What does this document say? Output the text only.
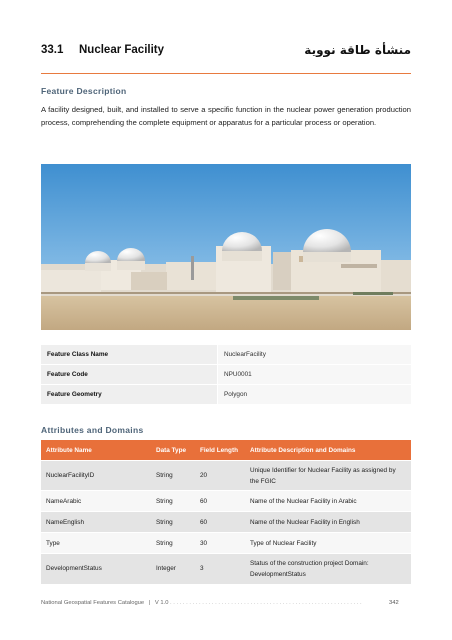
33.1 Nuclear Facility	منشأة طاقة نووية
Feature Description
A facility designed, built, and installed to serve a specific function in the nuclear power generation production process, comprehending the complete equipment or apparatus for a particular process or operation.
Feature Class Name	NuclearFacility
Feature Code	NPU0001
Feature Geometry	Polygon
Attributes and Domains
Attribute Name	Data Type	Field Length	Attribute Description and Domains
NuclearFacilityID	String	20	Unique Identifier for Nuclear Facility as assigned by the FGIC
NameArabic	String	60	Name of the Nuclear Facility in Arabic
NameEnglish	String	60	Name of the Nuclear Facility in English
Type	String	30	Type of Nuclear Facility
DevelopmentStatus	Integer	3	Status of the construction project Domain: DevelopmentStatus
National Geospatial Features Catalogue | V 1.0 . . . . . . . . . . . . . . . . . . . . . . . . . . . . . . . . . . . . . . . . . . . . . . . . . . . . . . . . . . . .	342
